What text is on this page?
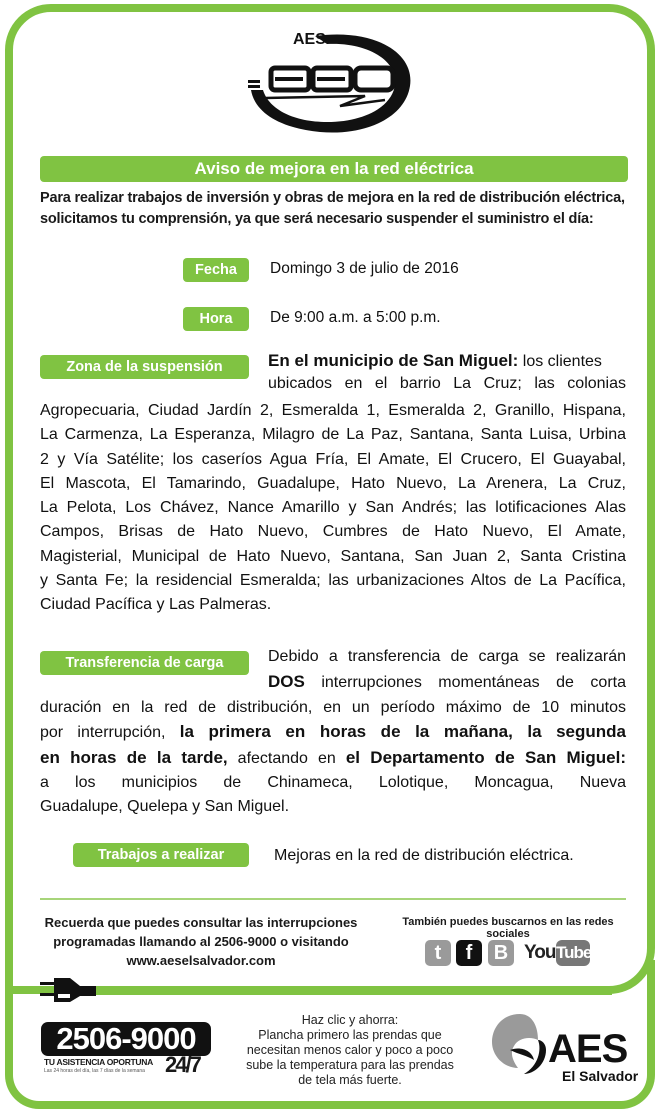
AES
Aviso de mejora en la red eléctrica
Para realizar trabajos de inversión y obras de mejora en la red de distribución eléctrica,
solicitamos tu comprensión, ya que será necesario suspender el suministro el día:
Fecha	Domingo 3 de julio de 2016
Hora	De 9:00 a.m. a 5:00 p.m.
Zona de la suspensión	En el municipio de San Miguel: los clientes
ubicados en el barrio La Cruz; las colonias
Agropecuaria, Ciudad Jardín 2, Esmeralda 1, Esmeralda 2, Granillo, Hispana,
La Carmenza, La Esperanza, Milagro de La Paz, Santana, Santa Luisa, Urbina
2 y Vía Satélite; los caseríos Agua Fría, El Amate, El Crucero, El Guayabal,
El Mascota, El Tamarindo, Guadalupe, Hato Nuevo, La Arenera, La Cruz,
La Pelota, Los Chávez, Nance Amarillo y San Andrés; las lotificaciones Alas
Campos, Brisas de Hato Nuevo, Cumbres de Hato Nuevo, El Amate,
Magisterial, Municipal de Hato Nuevo, Santana, San Juan 2, Santa Cristina
y Santa Fe; la residencial Esmeralda; las urbanizaciones Altos de La Pacífica,
Ciudad Pacífica y Las Palmeras.
Transferencia de carga	Debido a transferencia de carga se realizarán
DOS interrupciones momentáneas de corta
duración en la red de distribución, en un período máximo de 10 minutos
por interrupción, la primera en horas de la mañana, la segunda
en horas de la tarde, afectando en el Departamento de San Miguel:
a los municipios de Chinameca, Lolotique, Moncagua, Nueva
Guadalupe, Quelepa y San Miguel.
Trabajos a realizar	Mejoras en la red de distribución eléctrica.
Recuerda que puedes consultar las interrupciones
programadas llamando al 2506-9000 o visitando
www.aeselsalvador.com
También puedes buscarnos en las redes sociales
t	f	B You Tube
2506-9000
TU ASISTENCIA OPORTUNA
Las 24 horas del día, las 7 días de la semana 24/7
Haz clic y ahorra:
Plancha primero las prendas que
necesitan menos calor y poco a poco
sube la temperatura para las prendas
de tela más fuerte.
AES
El Salvador
